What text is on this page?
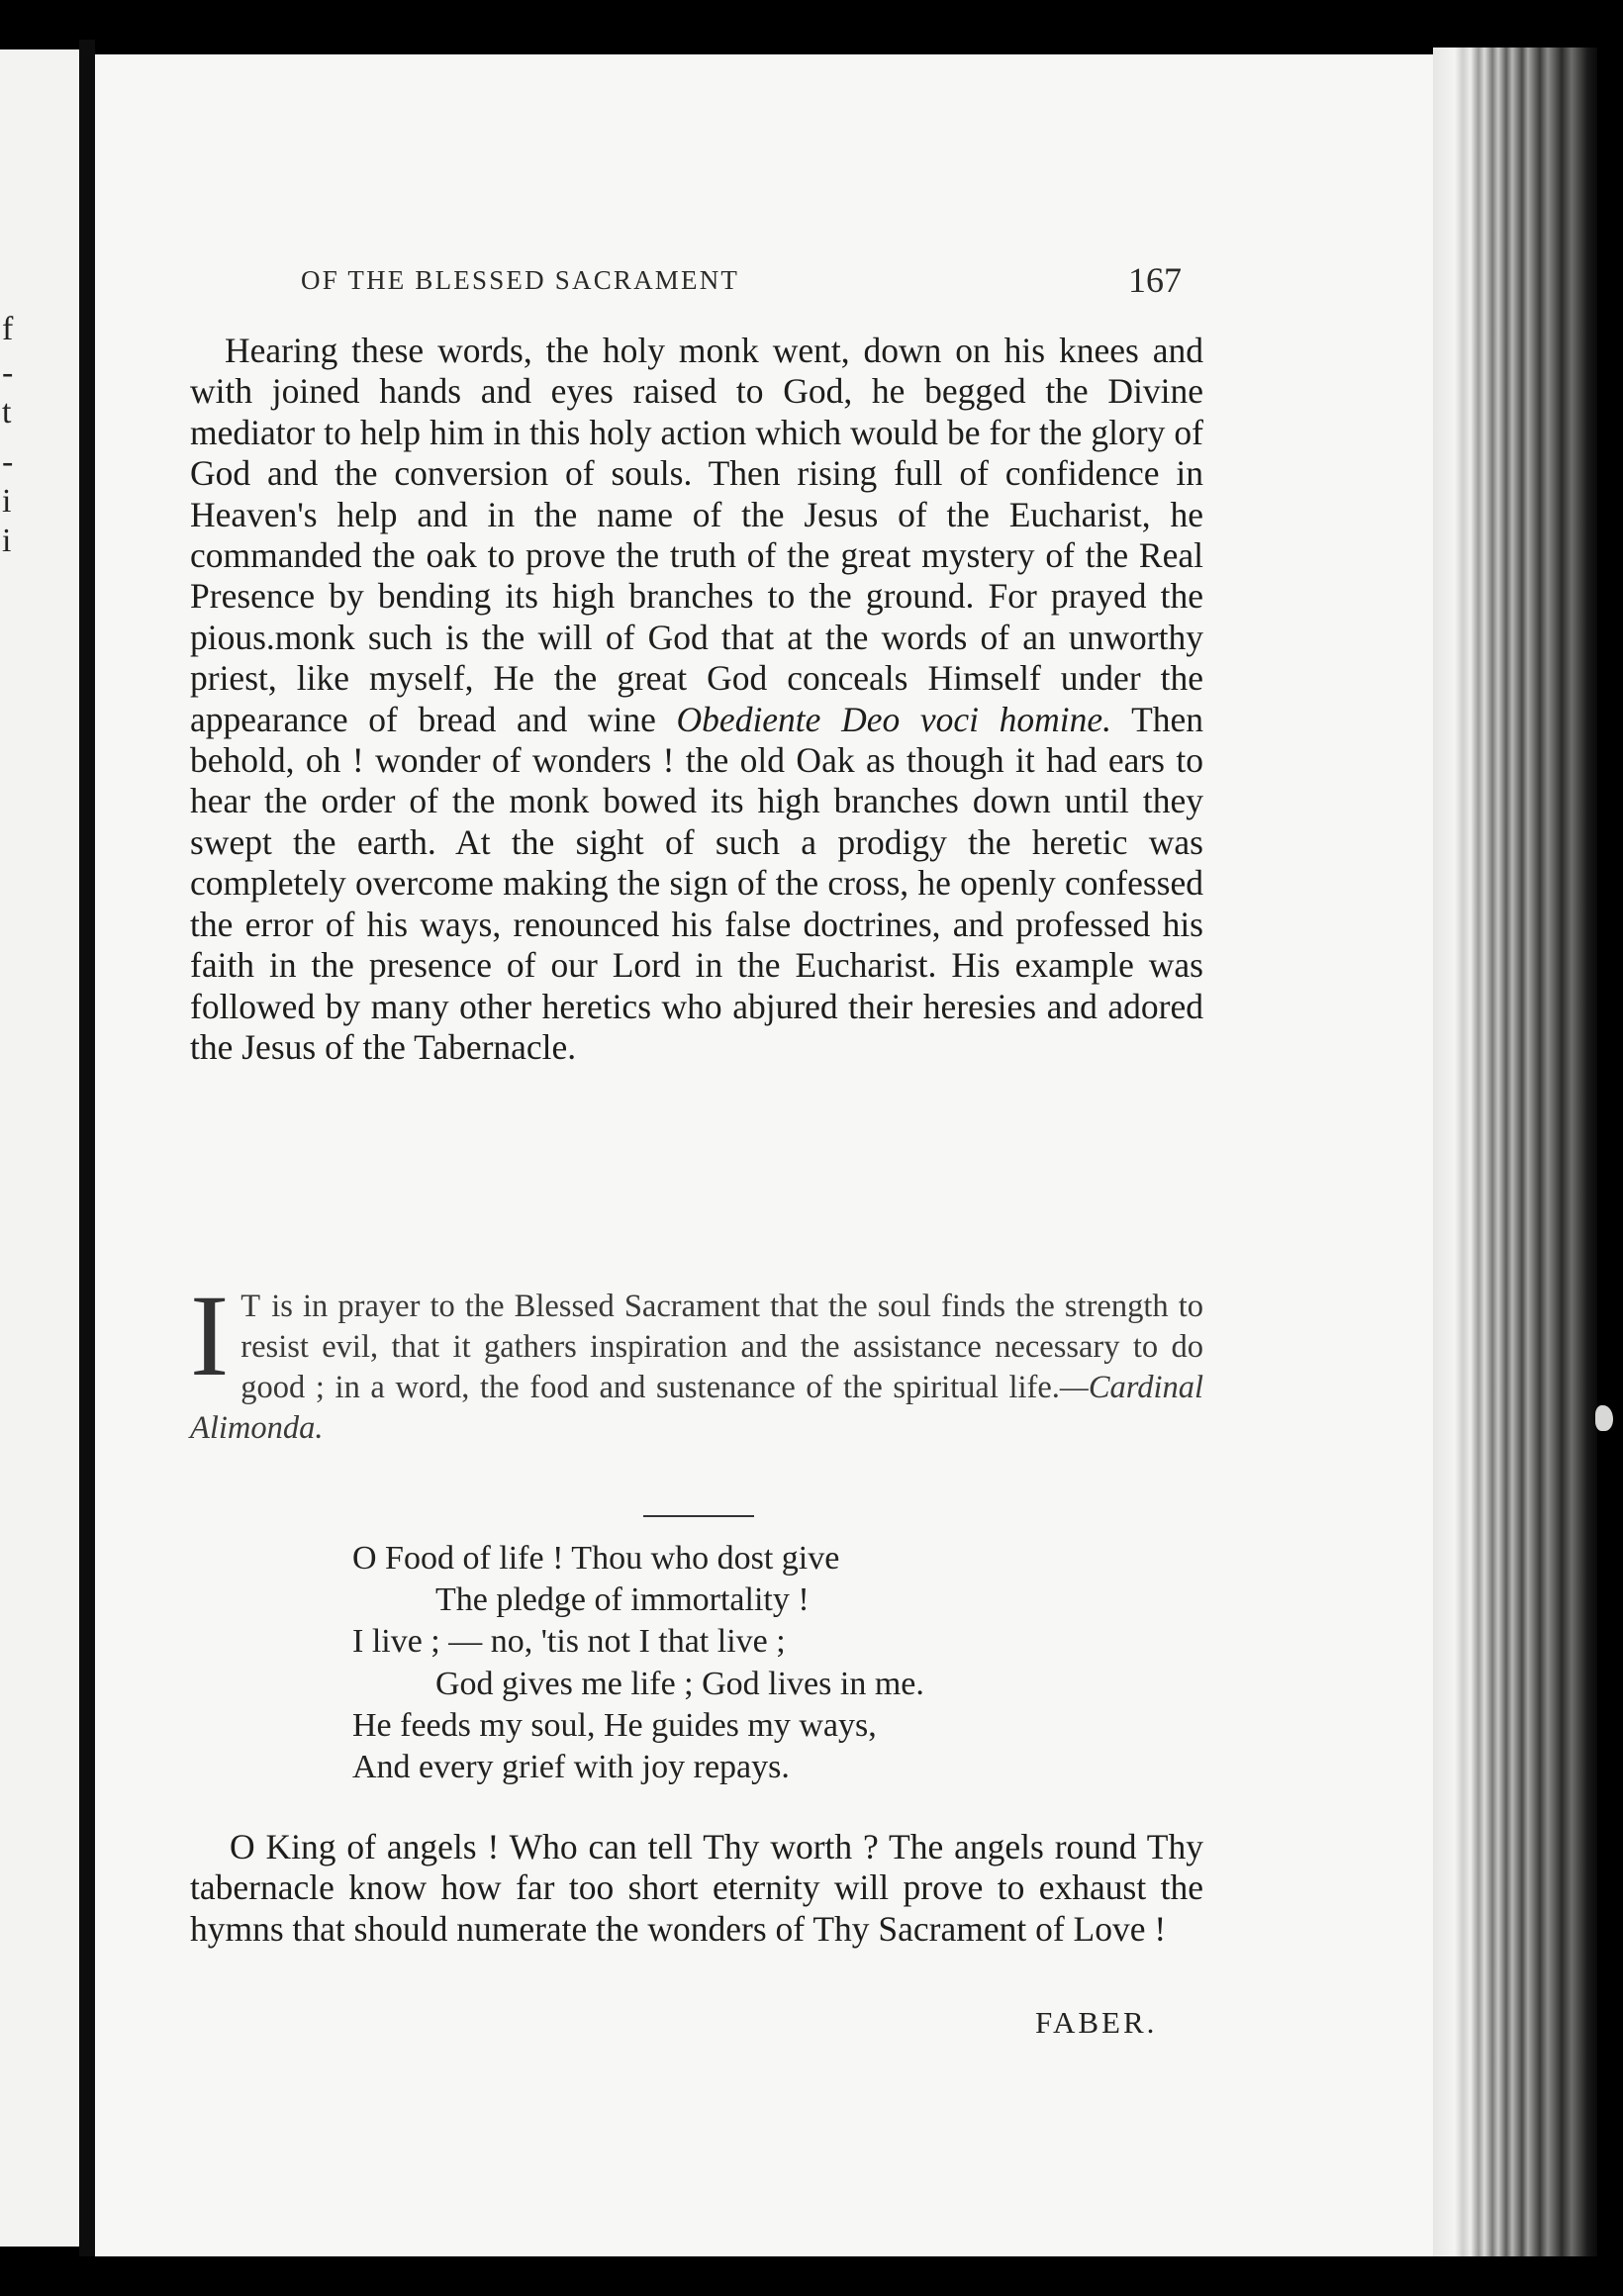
f
-
t
-
i
i
OF THE BLESSED SACRAMENT	167

Hearing these words, the holy monk went, down on his knees and with joined hands and eyes raised to God, he begged the Divine mediator to help him in this holy action which would be for the glory of God and the conversion of souls. Then rising full of confidence in Heaven's help and in the name of the Jesus of the Eucharist, he commanded the oak to prove the truth of the great mystery of the Real Presence by bending its high branches to the ground. For prayed the pious.monk such is the will of God that at the words of an unworthy priest, like myself, He the great God conceals Himself under the appearance of bread and wine Obediente Deo voci homine. Then behold, oh ! wonder of wonders ! the old Oak as though it had ears to hear the order of the monk bowed its high branches down until they swept the earth. At the sight of such a prodigy the heretic was completely overcome making the sign of the cross, he openly confessed the error of his ways, renounced his false doctrines, and professed his faith in the presence of our Lord in the Eucharist. His example was followed by many other heretics who abjured their heresies and adored the Jesus of the Tabernacle.

I T is in prayer to the Blessed Sacrament that the soul finds the strength to resist evil, that it gathers inspiration and the assistance necessary to do good ; in a word, the food and sustenance of the spiritual life.—Cardinal Alimonda.

O Food of life ! Thou who dost give
The pledge of immortality !
I live ; — no, 'tis not I that live ;
God gives me life ; God lives in me.
He feeds my soul, He guides my ways,
And every grief with joy repays.

O King of angels ! Who can tell Thy worth ? The angels round Thy tabernacle know how far too short eternity will prove to exhaust the hymns that should numerate the wonders of Thy Sacrament of Love !

FABER.
